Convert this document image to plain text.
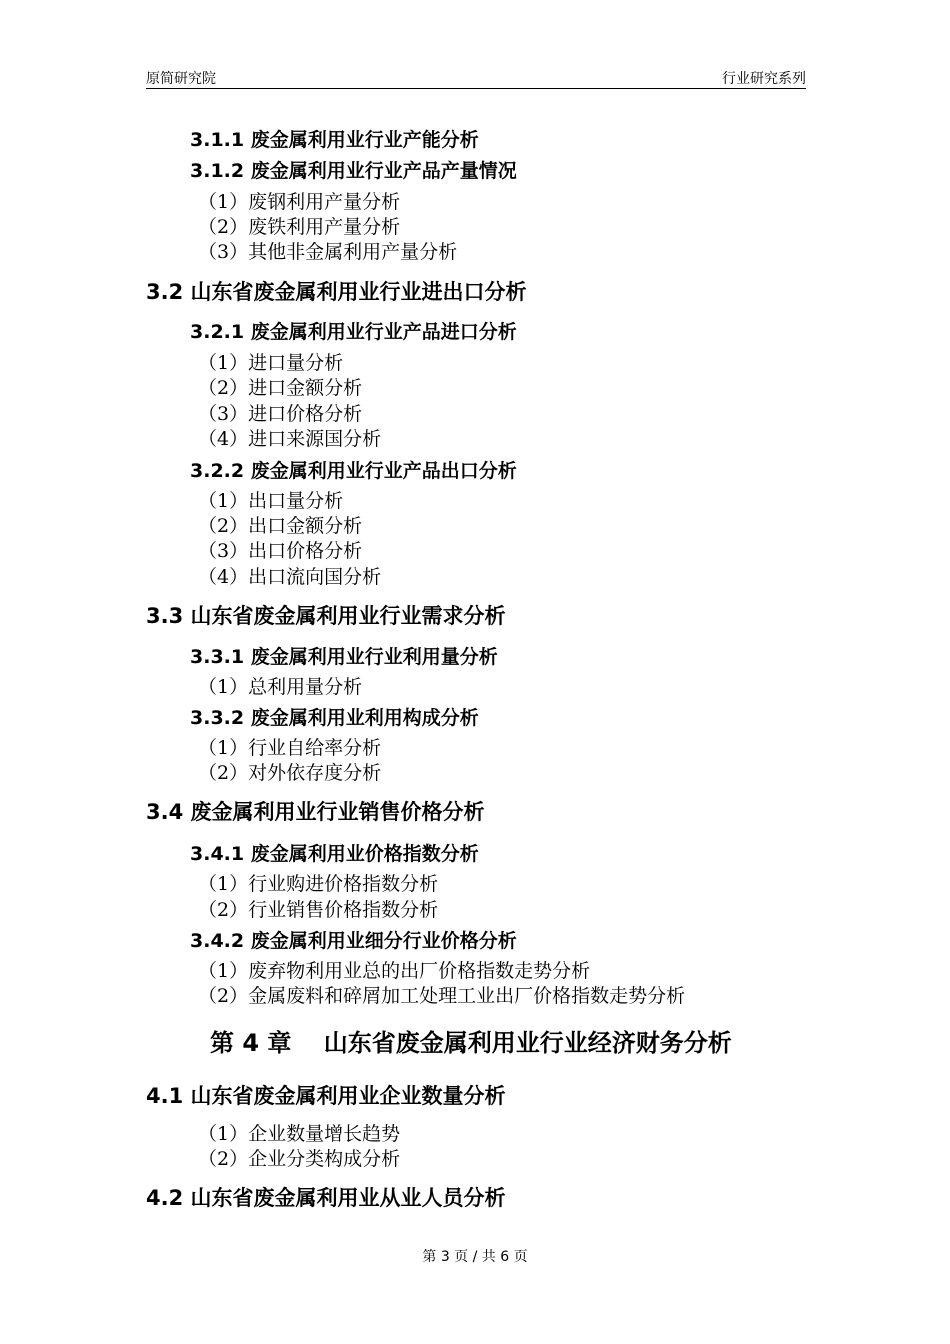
原简研究院	行业研究系列
3.1.1 废金属利用业行业产能分析
3.1.2 废金属利用业行业产品产量情况
（1）废钢利用产量分析
（2）废铁利用产量分析
（3）其他非金属利用产量分析
3.2 山东省废金属利用业行业进出口分析
3.2.1 废金属利用业行业产品进口分析
（1）进口量分析
（2）进口金额分析
（3）进口价格分析
（4）进口来源国分析
3.2.2 废金属利用业行业产品出口分析
（1）出口量分析
（2）出口金额分析
（3）出口价格分析
（4）出口流向国分析
3.3 山东省废金属利用业行业需求分析
3.3.1 废金属利用业行业利用量分析
（1）总利用量分析
3.3.2 废金属利用业利用构成分析
（1）行业自给率分析
（2）对外依存度分析
3.4 废金属利用业行业销售价格分析
3.4.1 废金属利用业价格指数分析
（1）行业购进价格指数分析
（2）行业销售价格指数分析
3.4.2 废金属利用业细分行业价格分析
（1）废弃物利用业总的出厂价格指数走势分析
（2）金属废料和碎屑加工处理工业出厂价格指数走势分析
第 4 章　 山东省废金属利用业行业经济财务分析
4.1 山东省废金属利用业企业数量分析
（1）企业数量增长趋势
（2）企业分类构成分析
4.2 山东省废金属利用业从业人员分析
第 3 页 / 共 6 页
